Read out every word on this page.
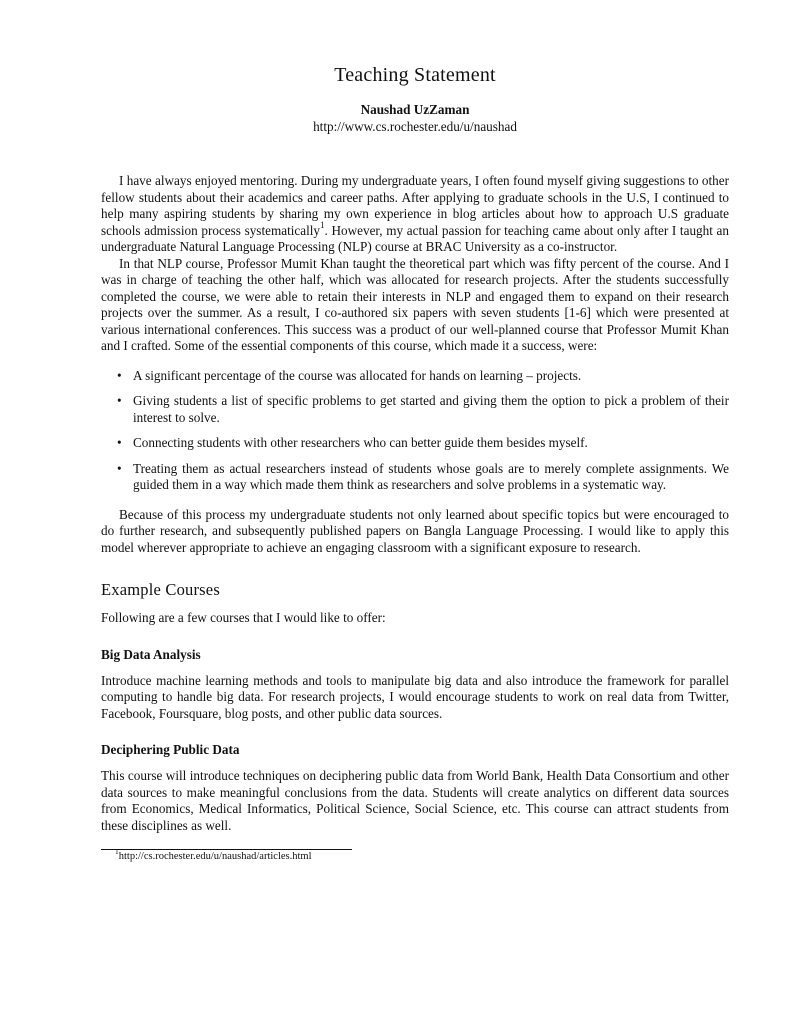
Teaching Statement
Naushad UzZaman
http://www.cs.rochester.edu/u/naushad

I have always enjoyed mentoring. During my undergraduate years, I often found myself giving suggestions to other fellow students about their academics and career paths. After applying to graduate schools in the U.S, I continued to help many aspiring students by sharing my own experience in blog articles about how to approach U.S graduate schools admission process systematically$^1$. However, my actual passion for teaching came about only after I taught an undergraduate Natural Language Processing (NLP) course at BRAC University as a co-instructor.

In that NLP course, Professor Mumit Khan taught the theoretical part which was fifty percent of the course. And I was in charge of teaching the other half, which was allocated for research projects. After the students successfully completed the course, we were able to retain their interests in NLP and engaged them to expand on their research projects over the summer. As a result, I co-authored six papers with seven students [1-6] which were presented at various international conferences. This success was a product of our well-planned course that Professor Mumit Khan and I crafted. Some of the essential components of this course, which made it a success, were:

• A significant percentage of the course was allocated for hands on learning – projects.
• Giving students a list of specific problems to get started and giving them the option to pick a problem of their interest to solve.
• Connecting students with other researchers who can better guide them besides myself.
• Treating them as actual researchers instead of students whose goals are to merely complete assignments. We guided them in a way which made them think as researchers and solve problems in a systematic way.

Because of this process my undergraduate students not only learned about specific topics but were encouraged to do further research, and subsequently published papers on Bangla Language Processing. I would like to apply this model wherever appropriate to achieve an engaging classroom with a significant exposure to research.

Example Courses

Following are a few courses that I would like to offer:

Big Data Analysis

Introduce machine learning methods and tools to manipulate big data and also introduce the framework for parallel computing to handle big data. For research projects, I would encourage students to work on real data from Twitter, Facebook, Foursquare, blog posts, and other public data sources.

Deciphering Public Data

This course will introduce techniques on deciphering public data from World Bank, Health Data Consortium and other data sources to make meaningful conclusions from the data. Students will create analytics on different data sources from Economics, Medical Informatics, Political Science, Social Science, etc. This course can attract students from these disciplines as well.

$^1$http://cs.rochester.edu/u/naushad/articles.html
